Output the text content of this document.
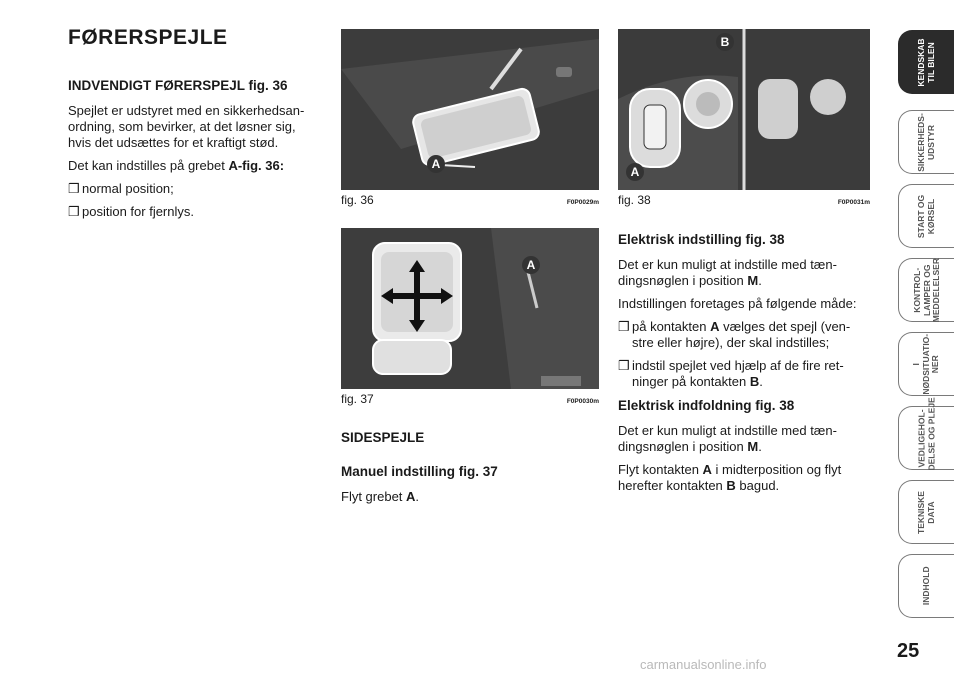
FØRERSPEJLE
INDVENDIGT FØRERSPEJL fig. 36
Spejlet er udstyret med en sikkerhedsan-ordning, som bevirker, at det løsner sig, hvis det udsættes for et kraftigt stød.
Det kan indstilles på grebet A-fig. 36:
❒ normal position;
❒ position for fjernlys.
A
fig. 36	F0P0029m
A
fig. 37	F0P0030m
SIDESPEJLE
Manuel indstilling fig. 37
Flyt grebet A.
A
B
fig. 38	F0P0031m
Elektrisk indstilling fig. 38
Det er kun muligt at indstille med tæn-dingsnøglen i position M.
Indstillingen foretages på følgende måde:
❒ på kontakten A vælges det spejl (ven-stre eller højre), der skal indstilles;
❒ indstil spejlet ved hjælp af de fire ret-ninger på kontakten B.
Elektrisk indfoldning fig. 38
Det er kun muligt at indstille med tæn-dingsnøglen i position M.
Flyt kontakten A i midterposition og flyt herefter kontakten B bagud.
KENDSKAB
TIL BILEN
SIKKERHEDS-
UDSTYR
START OG
KØRSEL
KONTROL-
LAMPER OG
MEDDELELSER
I
NØDSITUATIO-
NER
VEDLIGEHOL-
DELSE OG PLEJE
TEKNISKE
DATA
INDHOLD
25
carmanualsonline.info
